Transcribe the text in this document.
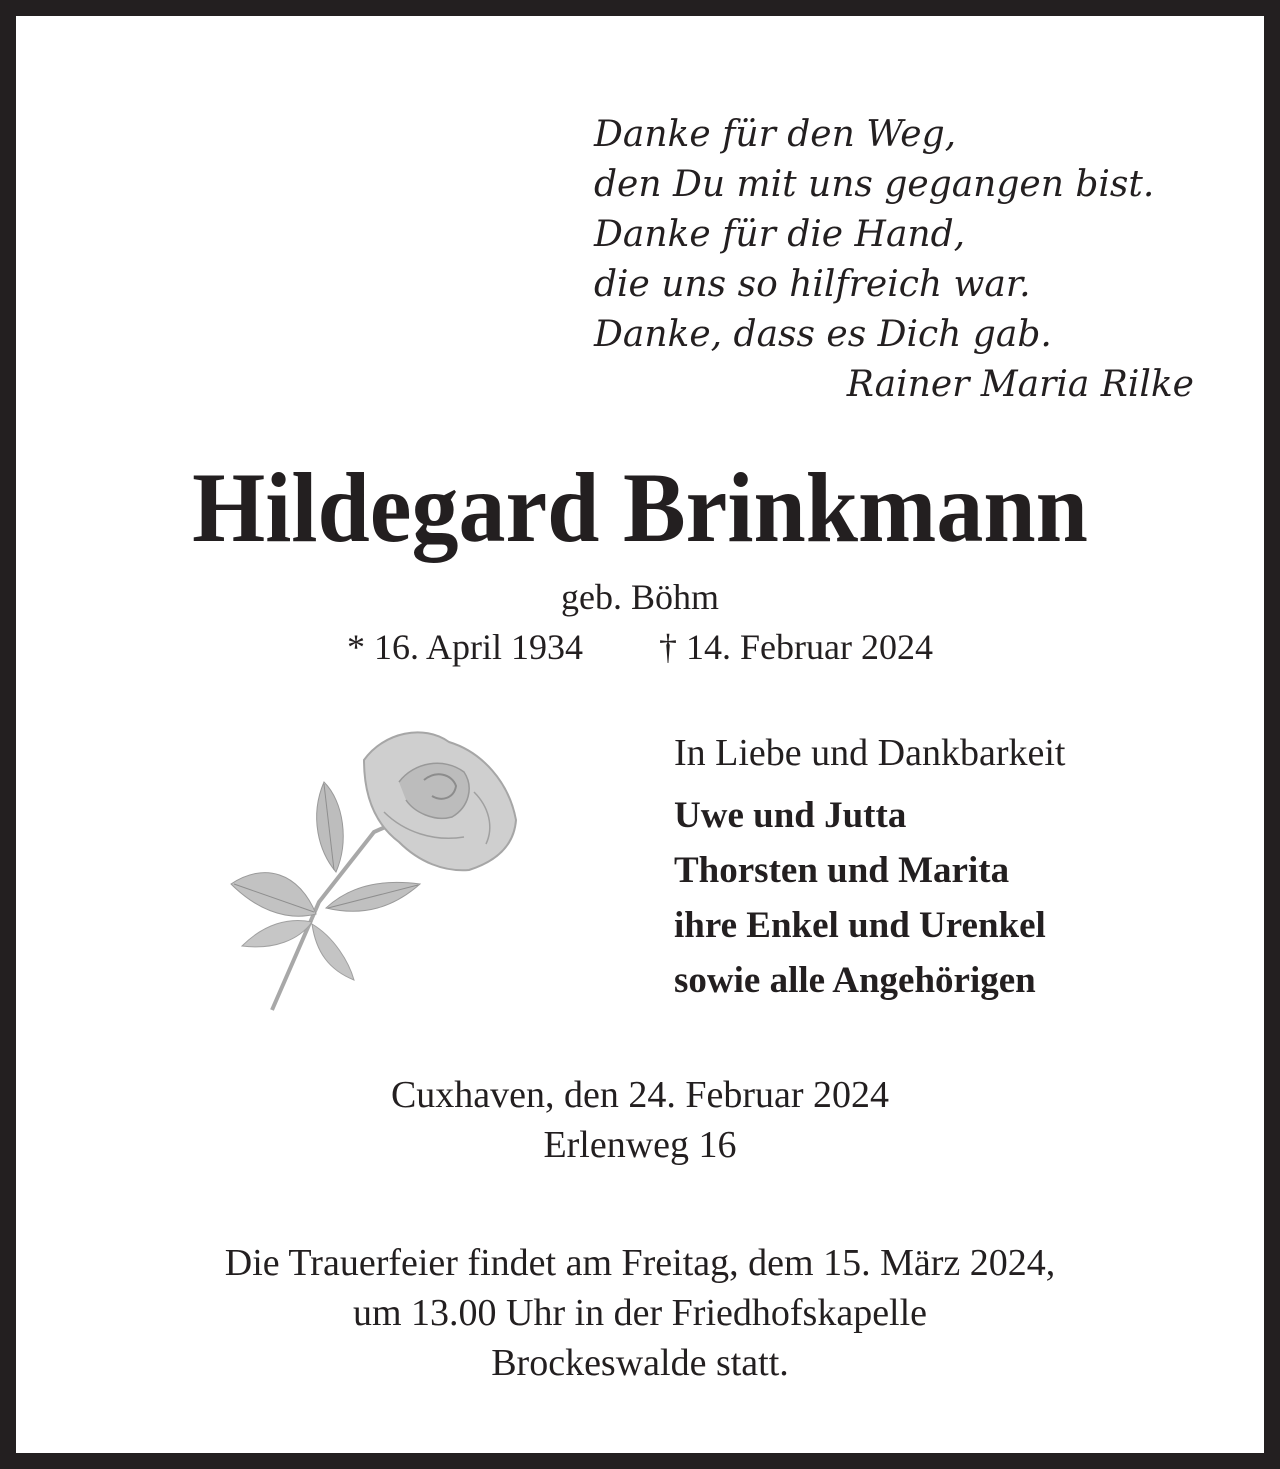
Danke für den Weg,
den Du mit uns gegangen bist.
Danke für die Hand,
die uns so hilfreich war.
Danke, dass es Dich gab.
Rainer Maria Rilke
Hildegard Brinkmann
geb. Böhm
* 16. April 1934 † 14. Februar 2024
In Liebe und Dankbarkeit
Uwe und Jutta
Thorsten und Marita
ihre Enkel und Urenkel
sowie alle Angehörigen
Cuxhaven, den 24. Februar 2024
Erlenweg 16
Die Trauerfeier findet am Freitag, dem 15. März 2024,
um 13.00 Uhr in der Friedhofskapelle
Brockeswalde statt.
